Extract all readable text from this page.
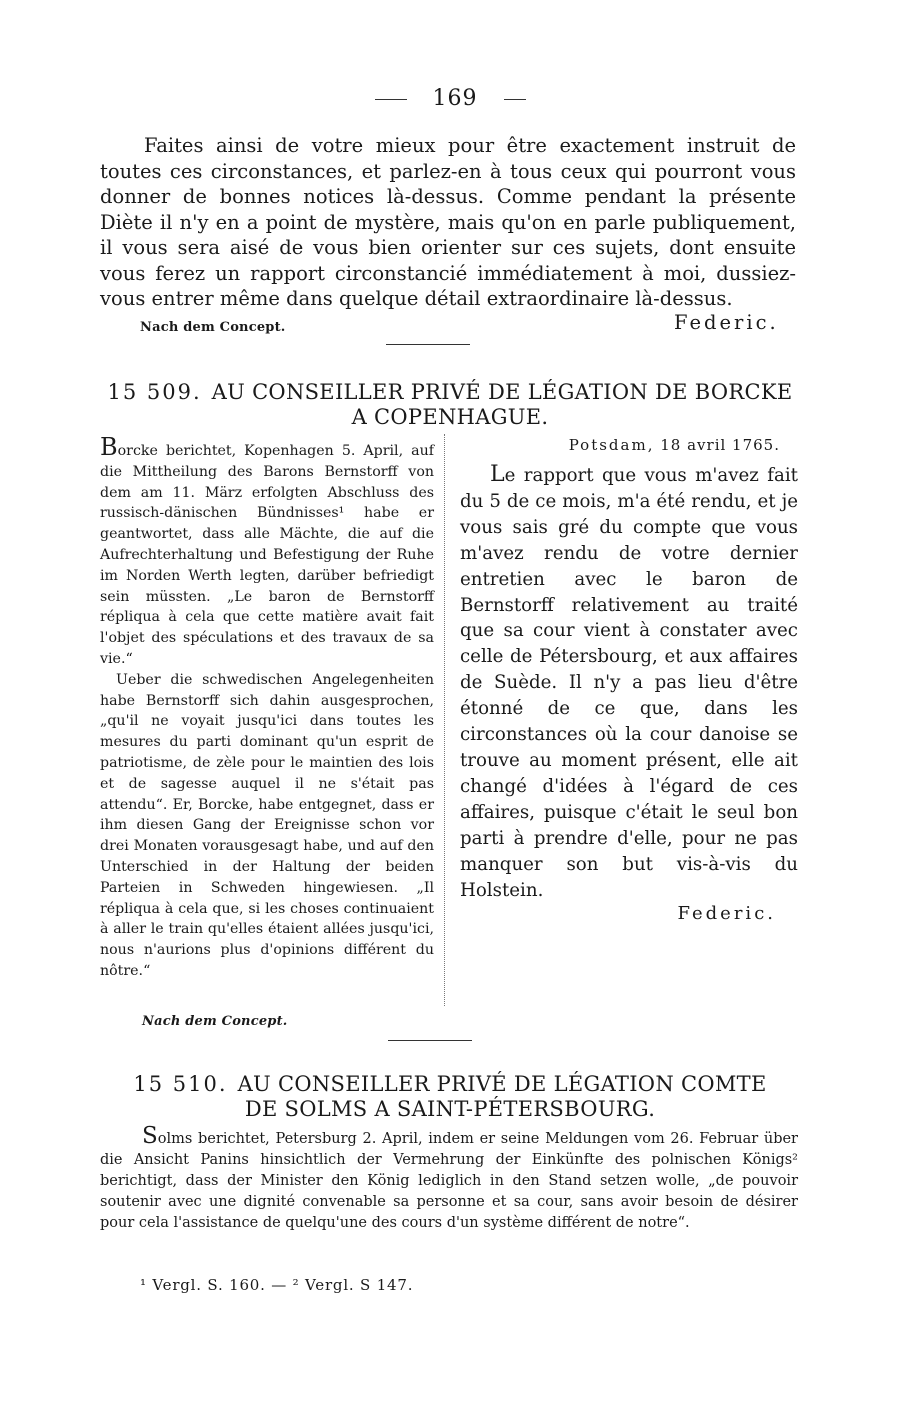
169

Faites ainsi de votre mieux pour être exactement instruit de toutes ces circonstances, et parlez-en à tous ceux qui pourront vous donner de bonnes notices là-dessus. Comme pendant la présente Diète il n'y en a point de mystère, mais qu'on en parle publiquement, il vous sera aisé de vous bien orienter sur ces sujets, dont ensuite vous ferez un rapport circonstancié immédiatement à moi, dussiez-vous entrer même dans quelque détail extraordinaire là-dessus.

Nach dem Concept.	Federic.
15 509. AU CONSEILLER PRIVÉ DE LÉGATION DE BORCKE
A COPENHAGUE.

Borcke berichtet, Kopenhagen 5. April, auf die Mittheilung des Barons Bernstorff von dem am 11. März erfolgten Abschluss des russisch-dänischen Bündnisses¹ habe er geantwortet, dass alle Mächte, die auf die Aufrechterhaltung und Befestigung der Ruhe im Norden Werth legten, darüber befriedigt sein müssten. „Le baron de Bernstorff répliqua à cela que cette matière avait fait l'objet des spéculations et des travaux de sa vie.“

Ueber die schwedischen Angelegenheiten habe Bernstorff sich dahin ausgesprochen, „qu'il ne voyait jusqu'ici dans toutes les mesures du parti dominant qu'un esprit de patriotisme, de zèle pour le maintien des lois et de sagesse auquel il ne s'était pas attendu“. Er, Borcke, habe entgegnet, dass er ihm diesen Gang der Ereignisse schon vor drei Monaten vorausgesagt habe, und auf den Unterschied in der Haltung der beiden Parteien in Schweden hingewiesen. „Il répliqua à cela que, si les choses continuaient à aller le train qu'elles étaient allées jusqu'ici, nous n'aurions plus d'opinions différent du nôtre.“

Nach dem Concept.
Potsdam, 18 avril 1765.

Le rapport que vous m'avez fait du 5 de ce mois, m'a été rendu, et je vous sais gré du compte que vous m'avez rendu de votre dernier entretien avec le baron de Bernstorff relativement au traité que sa cour vient à constater avec celle de Pétersbourg, et aux affaires de Suède. Il n'y a pas lieu d'être étonné de ce que, dans les circonstances où la cour danoise se trouve au moment présent, elle ait changé d'idées à l'égard de ces affaires, puisque c'était le seul bon parti à prendre d'elle, pour ne pas manquer son but vis-à-vis du Holstein.

Federic.
15 510. AU CONSEILLER PRIVÉ DE LÉGATION COMTE
DE SOLMS A SAINT-PÉTERSBOURG.

Solms berichtet, Petersburg 2. April, indem er seine Meldungen vom 26. Februar über die Ansicht Panins hinsichtlich der Vermehrung der Einkünfte des polnischen Königs² berichtigt, dass der Minister den König lediglich in den Stand setzen wolle, „de pouvoir soutenir avec une dignité convenable sa personne et sa cour, sans avoir besoin de désirer pour cela l'assistance de quelqu'une des cours d'un système différent de notre“.

¹ Vergl. S. 160. — ² Vergl. S 147.
